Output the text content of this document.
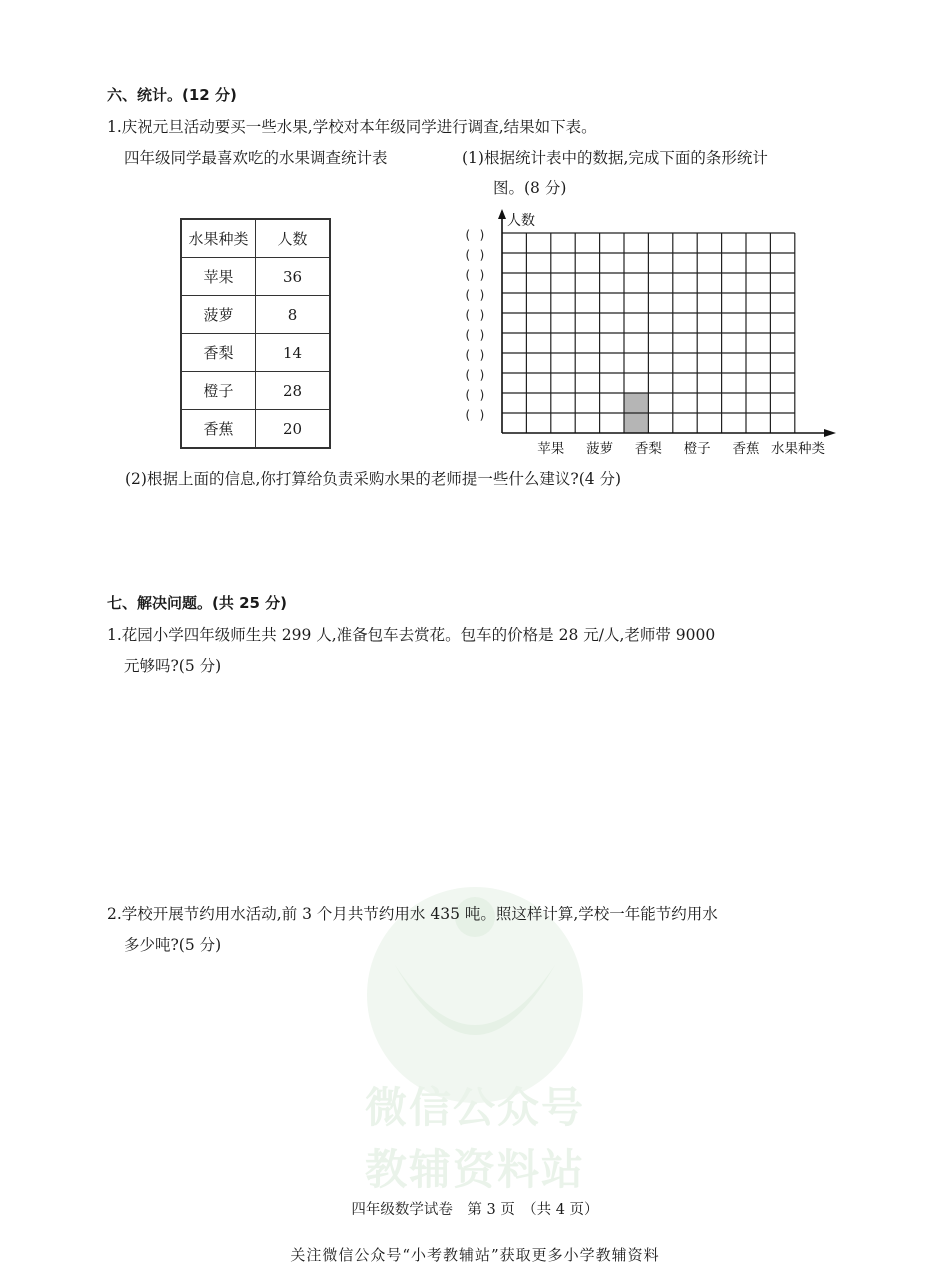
微信公众号
教辅资料站
六、统计。(12 分)
1.庆祝元旦活动要买一些水果,学校对本年级同学进行调查,结果如下表。
四年级同学最喜欢吃的水果调查统计表	(1)根据统计表中的数据,完成下面的条形统计
图。(8 分)
水果种类	人数
苹果	36
菠萝	8
香梨	14
橙子	28
香蕉	20
人数
( )
( )
( )
( )
( )
( )
( )
( )
( )
( )
苹果 菠萝 香梨 橙子 香蕉 水果种类
(2)根据上面的信息,你打算给负责采购水果的老师提一些什么建议?(4 分)
七、解决问题。(共 25 分)
1.花园小学四年级师生共 299 人,准备包车去赏花。包车的价格是 28 元/人,老师带 9000
元够吗?(5 分)
2.学校开展节约用水活动,前 3 个月共节约用水 435 吨。照这样计算,学校一年能节约用水
多少吨?(5 分)
四年级数学试卷　第 3 页　（共 4 页）
关注微信公众号“小考教辅站”获取更多小学教辅资料
